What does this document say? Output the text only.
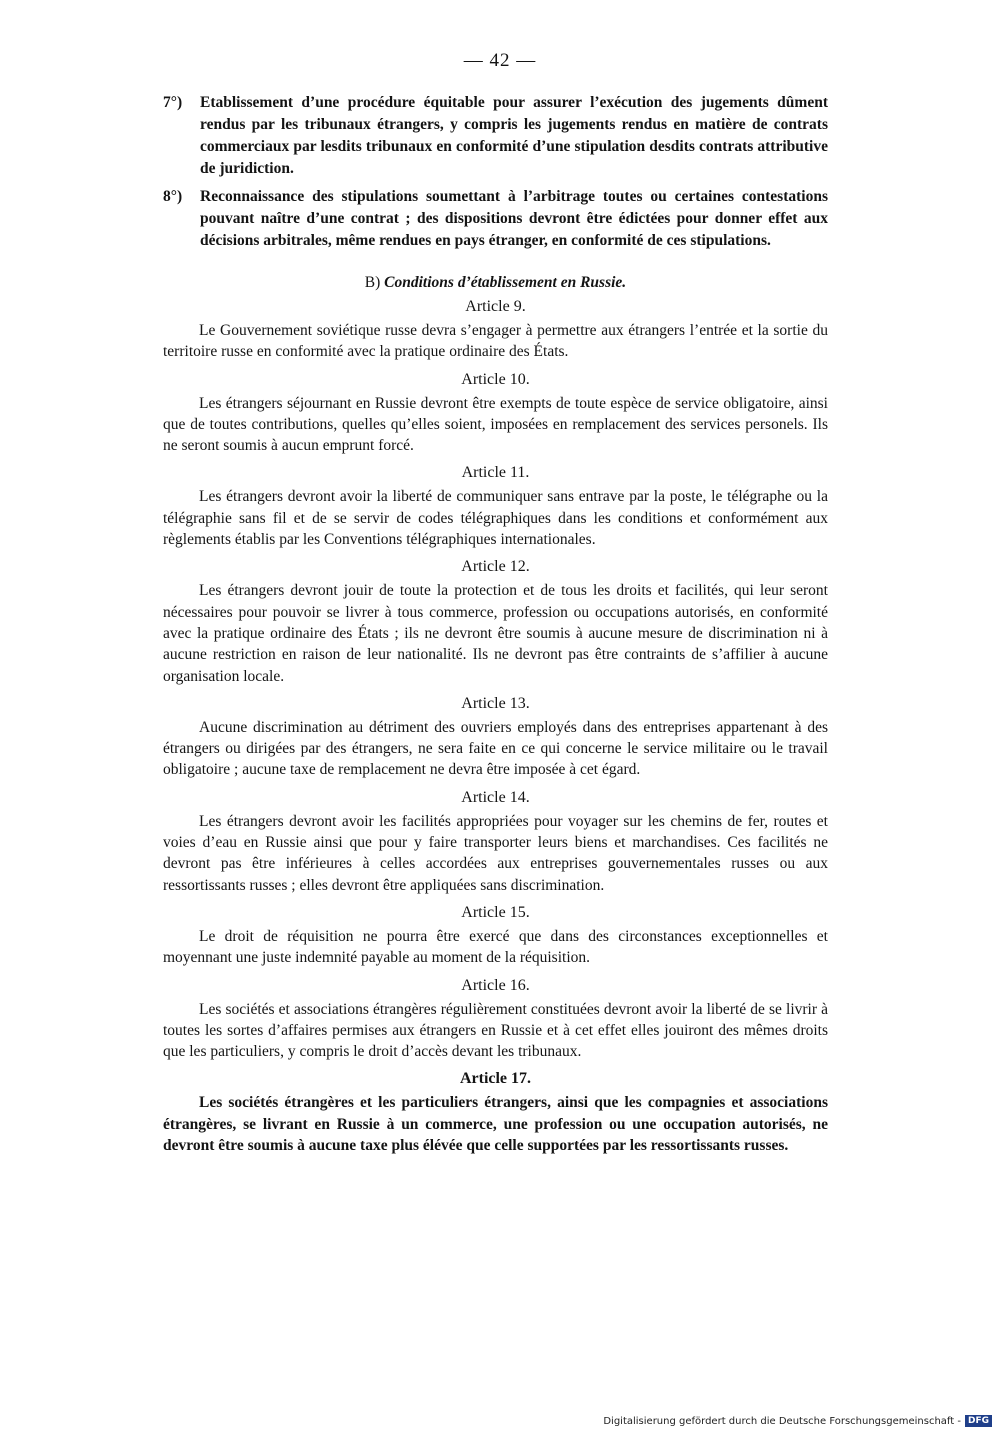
— 42 —
7°)	Etablissement d’une procédure équitable pour assurer l’exécution des jugements dûment rendus par les tribunaux étrangers, y compris les jugements rendus en matière de contrats commerciaux par lesdits tribunaux en conformité d’une stipulation desdits contrats attributive de juridiction.
8°)	Reconnaissance des stipulations soumettant à l’arbitrage toutes ou certaines contestations pouvant naître d’une contrat ; des dispositions devront être édictées pour donner effet aux décisions arbitrales, même rendues en pays étranger, en conformité de ces stipulations.
B) Conditions d’établissement en Russie.
Article 9.

Le Gouvernement soviétique russe devra s’engager à permettre aux étrangers l’entrée et la sortie du territoire russe en conformité avec la pratique ordinaire des États.

Article 10.

Les étrangers séjournant en Russie devront être exempts de toute espèce de service obligatoire, ainsi que de toutes contributions, quelles qu’elles soient, imposées en remplacement des services personels. Ils ne seront soumis à aucun emprunt forcé.

Article 11.

Les étrangers devront avoir la liberté de communiquer sans entrave par la poste, le télégraphe ou la télégraphie sans fil et de se servir de codes télégraphiques dans les conditions et conformément aux règlements établis par les Conventions télégraphiques internationales.

Article 12.

Les étrangers devront jouir de toute la protection et de tous les droits et facilités, qui leur seront nécessaires pour pouvoir se livrer à tous commerce, profession ou occupations autorisés, en conformité avec la pratique ordinaire des États ; ils ne devront être soumis à aucune mesure de discrimination ni à aucune restriction en raison de leur nationalité. Ils ne devront pas être contraints de s’affilier à aucune organisation locale.

Article 13.

Aucune discrimination au détriment des ouvriers employés dans des entreprises appartenant à des étrangers ou dirigées par des étrangers, ne sera faite en ce qui concerne le service militaire ou le travail obligatoire ; aucune taxe de remplacement ne devra être imposée à cet égard.

Article 14.

Les étrangers devront avoir les facilités appropriées pour voyager sur les chemins de fer, routes et voies d’eau en Russie ainsi que pour y faire transporter leurs biens et marchandises. Ces facilités ne devront pas être inférieures à celles accordées aux entreprises gouvernementales russes ou aux ressortissants russes ; elles devront être appliquées sans discrimination.

Article 15.

Le droit de réquisition ne pourra être exercé que dans des circonstances exceptionnelles et moyennant une juste indemnité payable au moment de la réquisition.

Article 16.

Les sociétés et associations étrangères régulièrement constituées devront avoir la liberté de se livrir à toutes les sortes d’affaires permises aux étrangers en Russie et à cet effet elles jouiront des mêmes droits que les particuliers, y compris le droit d’accès devant les tribunaux.

Article 17.

Les sociétés étrangères et les particuliers étrangers, ainsi que les compagnies et associations étrangères, se livrant en Russie à un commerce, une profession ou une occupation autorisés, ne devront être soumis à aucune taxe plus élévée que celle supportées par les ressortissants russes.

Digitalisierung gefördert durch die Deutsche Forschungsgemeinschaft - DFG
